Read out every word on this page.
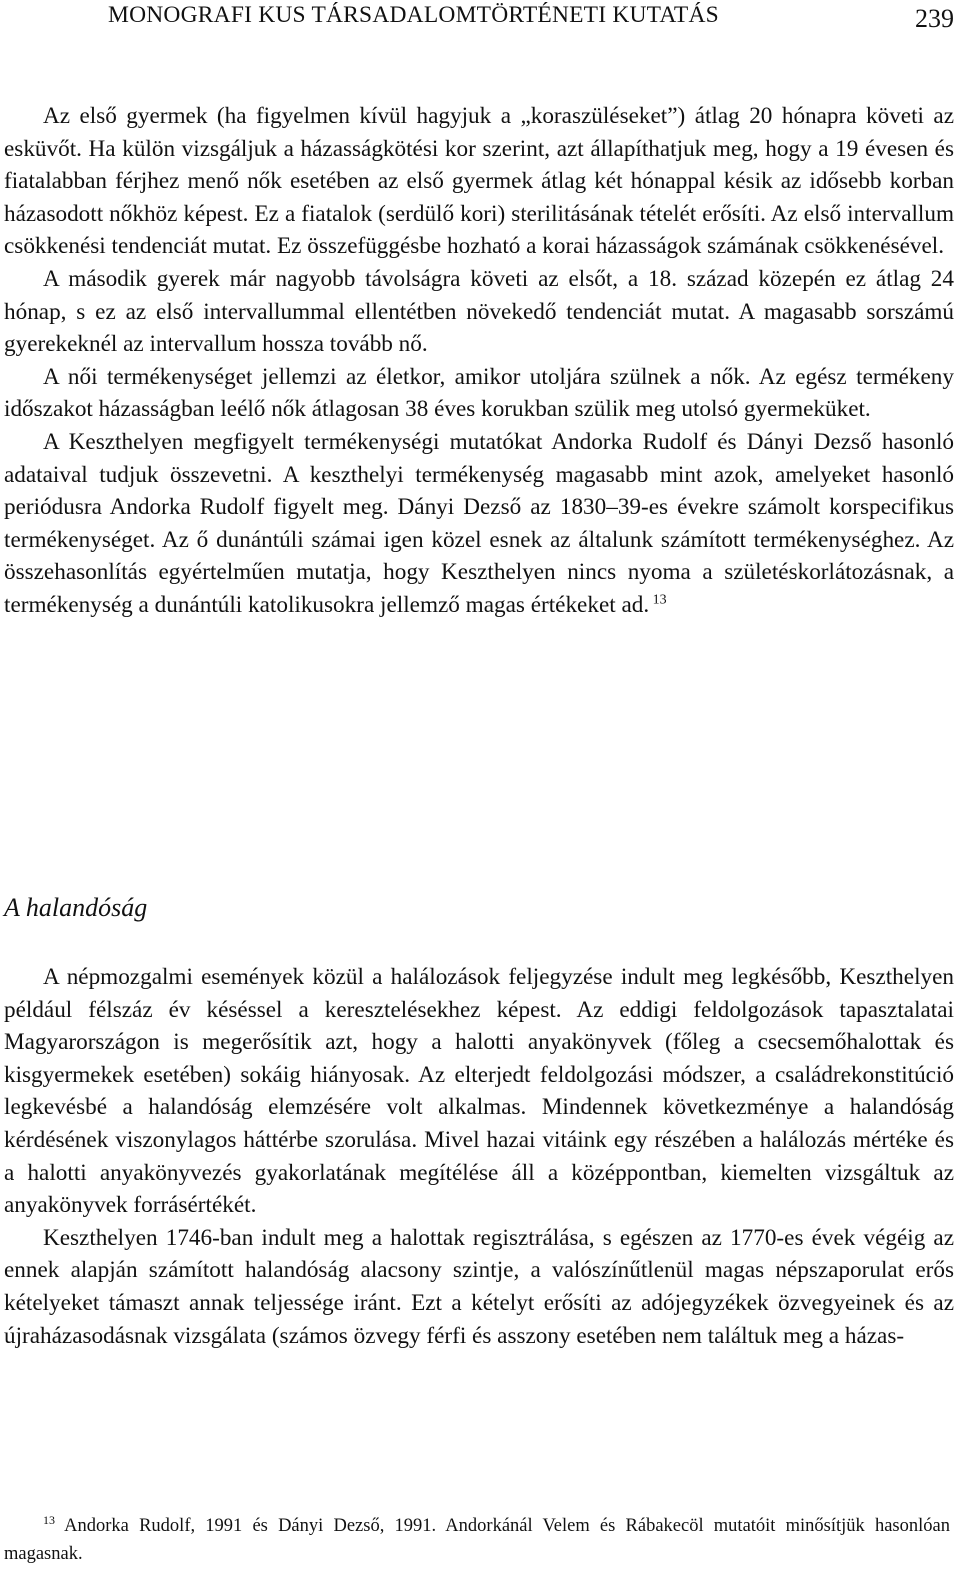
MONOGRAFI KUS TÁRSADALOMTÖRTÉNETI KUTATÁS	239

Az első gyermek (ha figyelmen kívül hagyjuk a „koraszüléseket”) átlag 20 hónapra követi az esküvőt. Ha külön vizsgáljuk a házasságkötési kor szerint, azt állapíthatjuk meg, hogy a 19 évesen és fiatalabban férjhez menő nők esetében az első gyermek átlag két hónappal késik az idősebb korban házasodott nőkhöz képest. Ez a fiatalok (serdülő kori) sterilitásának tételét erősíti. Az első intervallum csökkenési tendenciát mutat. Ez összefüggésbe hozható a korai házasságok számának csökkenésével.

A második gyerek már nagyobb távolságra követi az elsőt, a 18. század közepén ez átlag 24 hónap, s ez az első intervallummal ellentétben növekedő tendenciát mutat. A magasabb sorszámú gyerekeknél az intervallum hossza tovább nő.

A női termékenységet jellemzi az életkor, amikor utoljára szülnek a nők. Az egész termékeny időszakot házasságban leélő nők átlagosan 38 éves korukban szülik meg utolsó gyermeküket.

A Keszthelyen megfigyelt termékenységi mutatókat Andorka Rudolf és Dányi Dezső hasonló adataival tudjuk összevetni. A keszthelyi termékenység magasabb mint azok, amelyeket hasonló periódusra Andorka Rudolf figyelt meg. Dányi Dezső az 1830–39-es évekre számolt korspecifikus termékenységet. Az ő dunántúli számai igen közel esnek az általunk számított termékenységhez. Az összehasonlítás egyértelműen mutatja, hogy Keszthelyen nincs nyoma a születéskorlátozásnak, a termékenység a dunántúli katolikusokra jellemző magas értékeket ad. $^{13}$

A halandóság

A népmozgalmi események közül a halálozások feljegyzése indult meg legkésőbb, Keszthelyen például félszáz év késéssel a keresztelésekhez képest. Az eddigi feldolgozások tapasztalatai Magyarországon is megerősítik azt, hogy a halotti anyakönyvek (főleg a csecsemőhalottak és kisgyermekek esetében) sokáig hiányosak. Az elterjedt feldolgozási módszer, a családrekonstitúció legkevésbé a halandóság elemzésére volt alkalmas. Mindennek következménye a halandóság kérdésének viszonylagos háttérbe szorulása. Mivel hazai vitáink egy részében a halálozás mértéke és a halotti anyakönyvezés gyakorlatának megítélése áll a középpontban, kiemelten vizsgáltuk az anyakönyvek forrásértékét.

Keszthelyen 1746-ban indult meg a halottak regisztrálása, s egészen az 1770-es évek végéig az ennek alapján számított halandóság alacsony szintje, a valószínűtlenül magas népszaporulat erős kételyeket támaszt annak teljessége iránt. Ezt a kételyt erősíti az adójegyzékek özvegyeinek és az újraházasodásnak vizsgálata (számos özvegy férfi és asszony esetében nem találtuk meg a házas-

$^{13}$ Andorka Rudolf, 1991 és Dányi Dezső, 1991. Andorkánál Velem és Rábakecöl mutatóit minősítjük hasonlóan magasnak.
